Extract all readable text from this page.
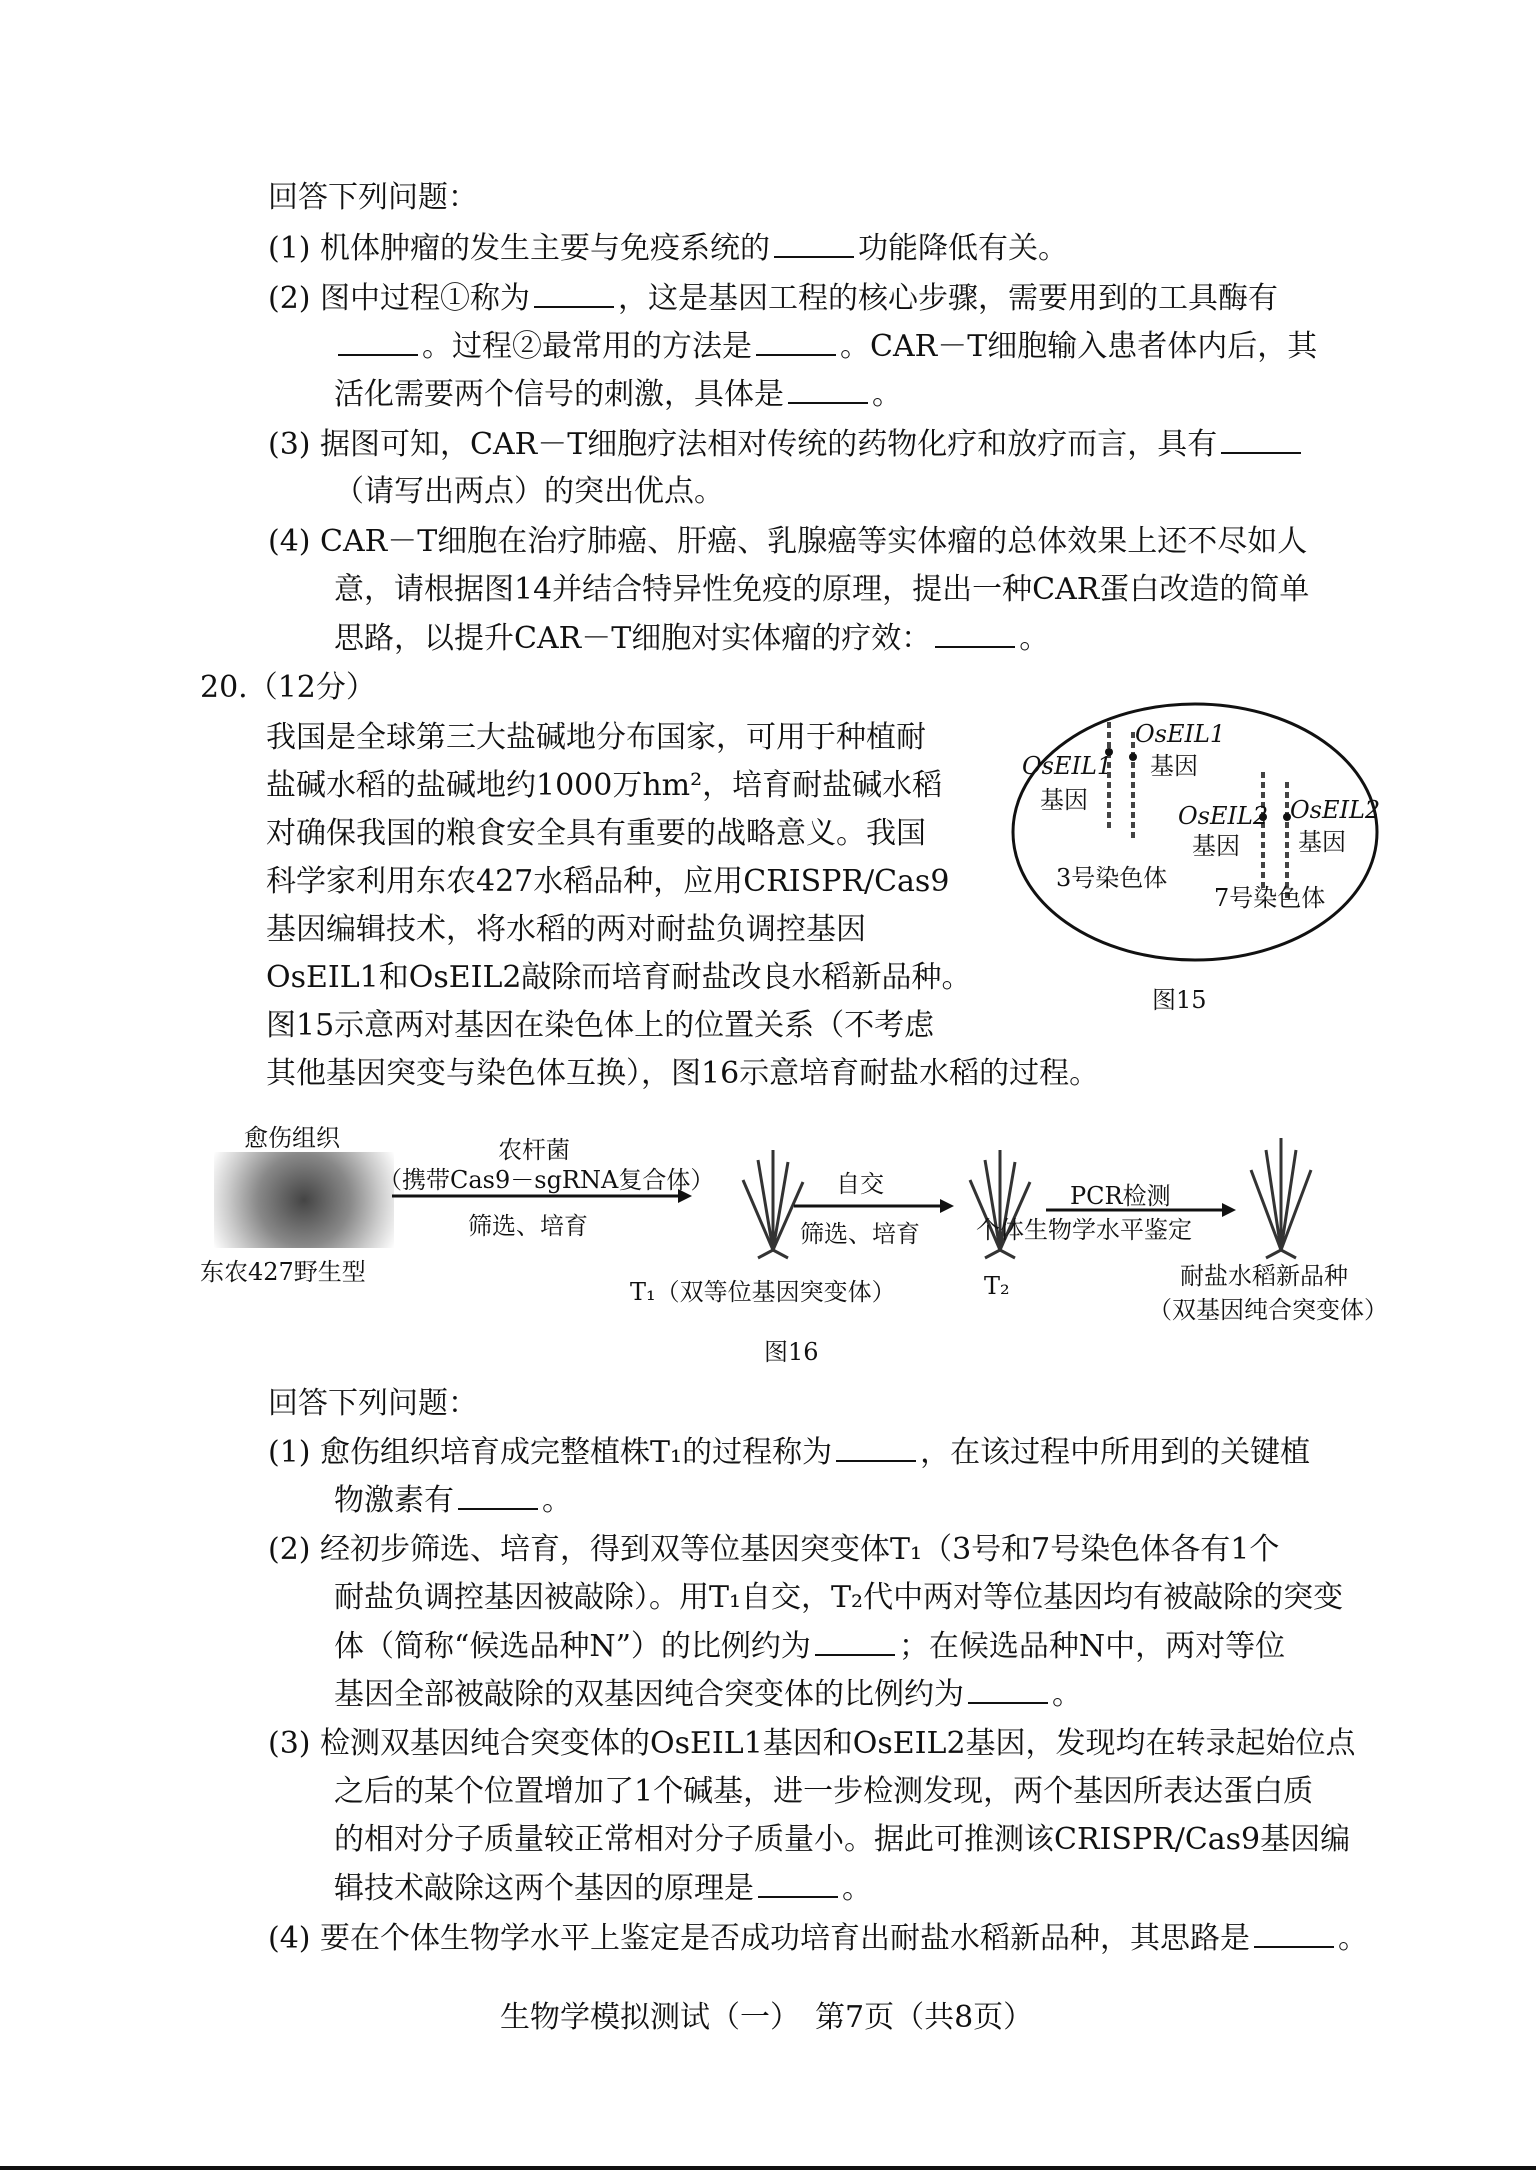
回答下列问题：
(1) 机体肿瘤的发生主要与免疫系统的	功能降低有关。
(2) 图中过程①称为	，这是基因工程的核心步骤，需要用到的工具酶有
。过程②最常用的方法是	。CAR－T细胞输入患者体内后，其
活化需要两个信号的刺激，具体是	。
(3) 据图可知，CAR－T细胞疗法相对传统的药物化疗和放疗而言，具有
（请写出两点）的突出优点。
(4) CAR－T细胞在治疗肺癌、肝癌、乳腺癌等实体瘤的总体效果上还不尽如人
意，请根据图14并结合特异性免疫的原理，提出一种CAR蛋白改造的简单
思路，以提升CAR－T细胞对实体瘤的疗效：	。
20.（12分）
我国是全球第三大盐碱地分布国家，可用于种植耐
盐碱水稻的盐碱地约1000万hm²，培育耐盐碱水稻
对确保我国的粮食安全具有重要的战略意义。我国
科学家利用东农427水稻品种，应用CRISPR/Cas9
基因编辑技术，将水稻的两对耐盐负调控基因
OsEIL1和OsEIL2敲除而培育耐盐改良水稻新品种。
图15示意两对基因在染色体上的位置关系（不考虑
其他基因突变与染色体互换），图16示意培育耐盐水稻的过程。
OsEIL1
基因
OsEIL1
基因
OsEIL2
基因
OsEIL2
基因
3号染色体
7号染色体
图15
愈伤组织
东农427野生型
农杆菌
（携带Cas9－sgRNA复合体）
筛选、培育
T₁（双等位基因突变体）
自交
筛选、培育
T₂
PCR检测
个体生物学水平鉴定
耐盐水稻新品种
（双基因纯合突变体）
图16
回答下列问题：
(1) 愈伤组织培育成完整植株T₁的过程称为	，在该过程中所用到的关键植
物激素有	。
(2) 经初步筛选、培育，得到双等位基因突变体T₁（3号和7号染色体各有1个
耐盐负调控基因被敲除）。用T₁自交，T₂代中两对等位基因均有被敲除的突变
体（简称“候选品种N”）的比例约为	；在候选品种N中，两对等位
基因全部被敲除的双基因纯合突变体的比例约为	。
(3) 检测双基因纯合突变体的OsEIL1基因和OsEIL2基因，发现均在转录起始位点
之后的某个位置增加了1个碱基，进一步检测发现，两个基因所表达蛋白质
的相对分子质量较正常相对分子质量小。据此可推测该CRISPR/Cas9基因编
辑技术敲除这两个基因的原理是	。
(4) 要在个体生物学水平上鉴定是否成功培育出耐盐水稻新品种，其思路是	。
生物学模拟测试（一）　第7页（共8页）
